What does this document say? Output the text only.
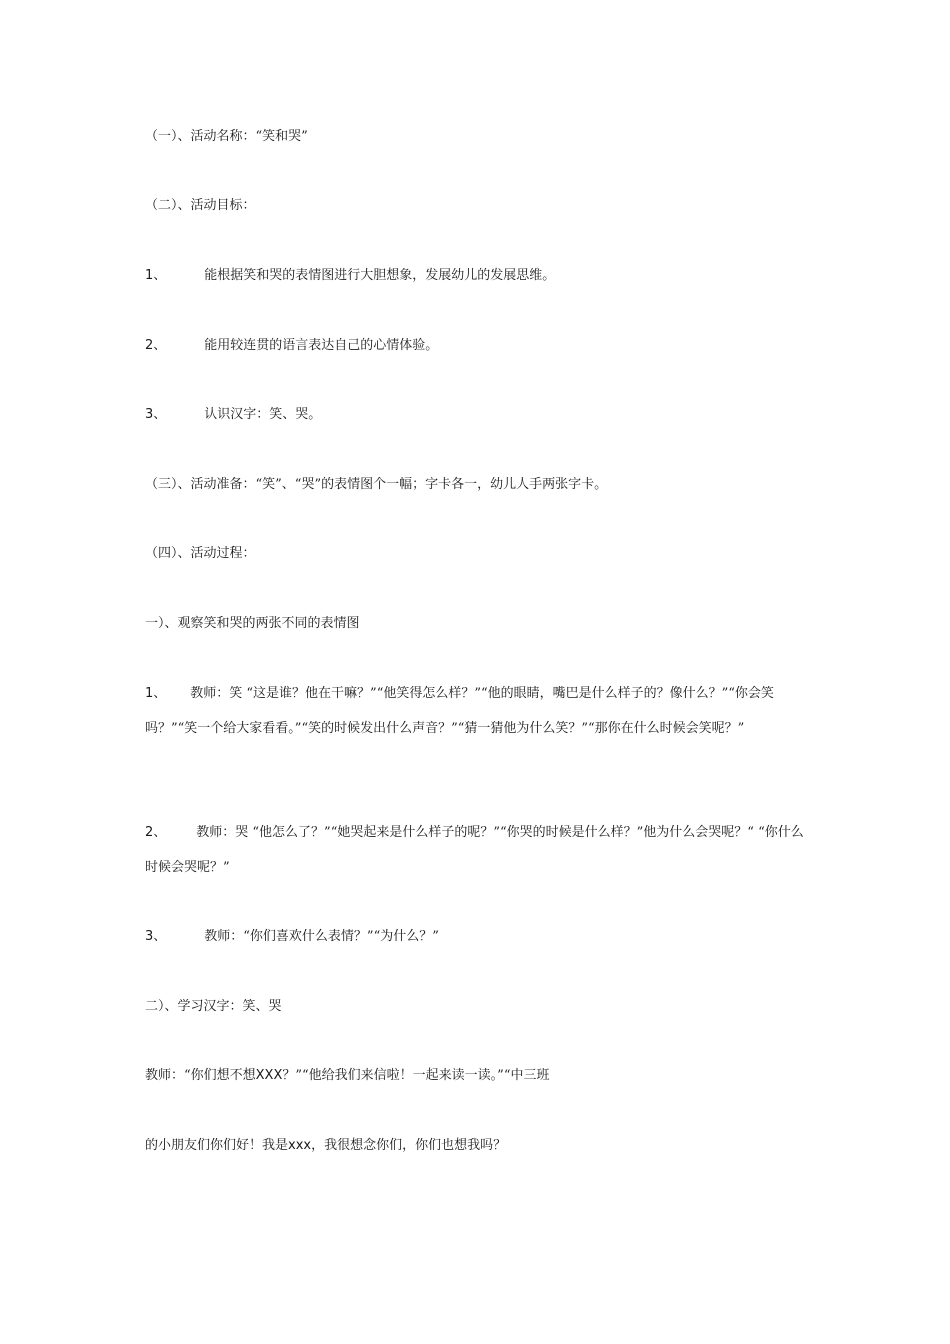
（一）、活动名称：“笑和哭”
（二）、活动目标：
1、	能根据笑和哭的表情图进行大胆想象，发展幼儿的发展思维。
2、	能用较连贯的语言表达自己的心情体验。
3、	认识汉字：笑、哭。
（三）、活动准备：“笑”、“哭”的表情图个一幅；字卡各一，幼儿人手两张字卡。
（四）、活动过程：
一）、观察笑和哭的两张不同的表情图
1、 教师：笑 “这是谁？他在干嘛？”“他笑得怎么样？”“他的眼睛，嘴巴是什么样子的？像什么？”“你会笑吗？”“笑一个给大家看看。”“笑的时候发出什么声音？”“猜一猜他为什么笑？”“那你在什么时候会笑呢？”
2、 教师：哭 “他怎么了？”“她哭起来是什么样子的呢？”“你哭的时候是什么样？”他为什么会哭呢？“ “你什么时候会哭呢？”
3、	教师：“你们喜欢什么表情？”“为什么？”
二）、学习汉字：笑、哭
教师：“你们想不想XXX？”“他给我们来信啦！一起来读一读。”“中三班
的小朋友们你们好！我是xxx，我很想念你们，你们也想我吗？
